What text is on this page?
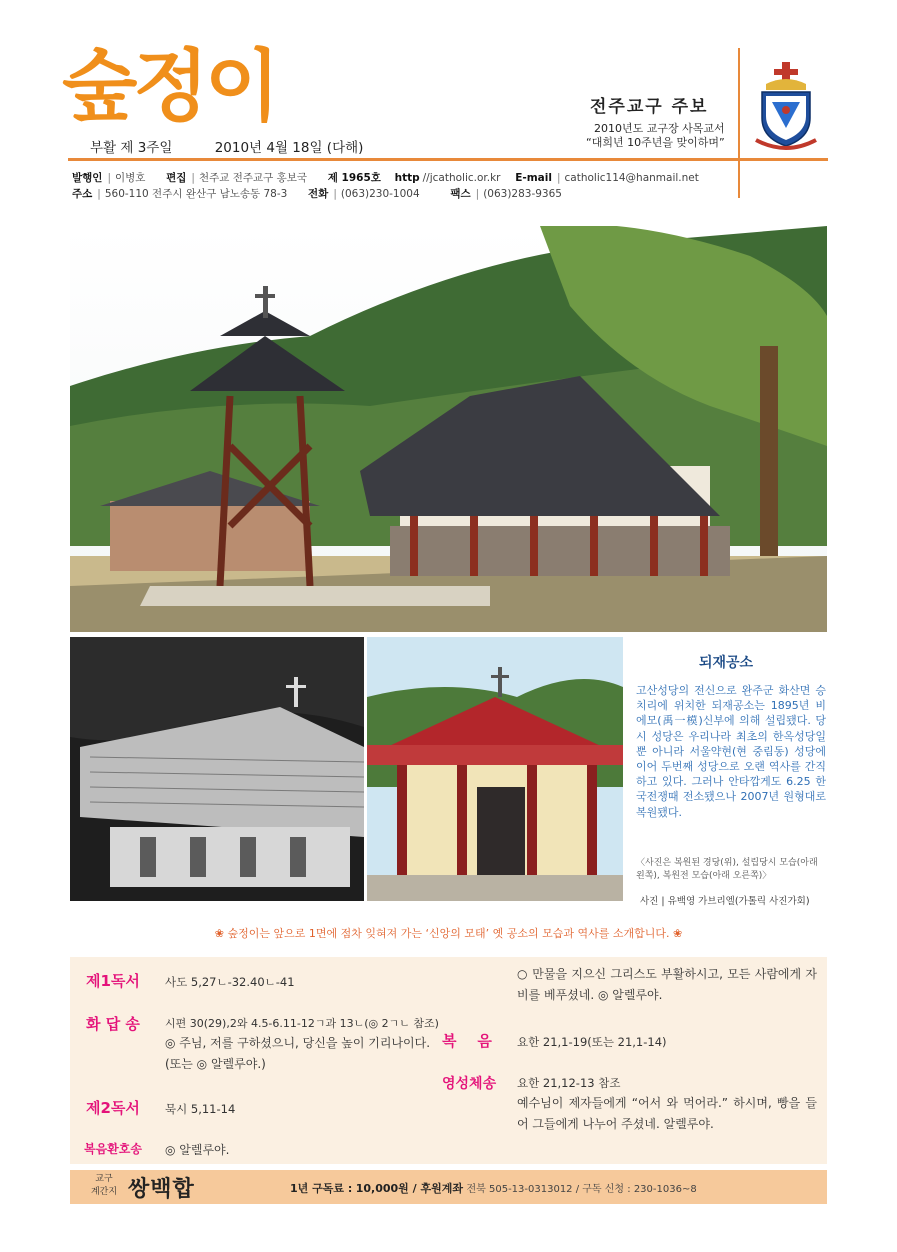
숲정이
부활 제 3주일	2010년 4월 18일 (다해)
전주교구 주보
2010년도 교구장 사목교서
“대희년 10주년을 맞이하며”
발행인 | 이병호 편집 | 천주교 전주교구 홍보국 제 1965호 http //jcatholic.or.kr E-mail | catholic114@hanmail.net
주소 | 560-110 전주시 완산구 남노송동 78-3 전화 | (063)230-1004	팩스 | (063)283-9365
되재공소
고산성당의 전신으로 완주군 화산면 승치리에 위치한 되재공소는 1895년 비에모(禹一模)신부에 의해 설립됐다. 당시 성당은 우리나라 최초의 한옥성당일 뿐 아니라 서울약현(현 중림동) 성당에 이어 두번째 성당으로 오랜 역사를 간직하고 있다. 그러나 안타깝게도 6.25 한국전쟁때 전소됐으나 2007년 원형대로 복원됐다.
〈사진은 복원된 경당(위), 설립당시 모습(아래 왼쪽), 복원전 모습(아래 오른쪽)〉
사진 | 유백영 가브리엘(가톨릭 사진가회)
❀ 숲정이는 앞으로 1면에 점차 잊혀져 가는 ‘신앙의 모태’ 옛 공소의 모습과 역사를 소개합니다. ❀
제1독서 사도 5,27ㄴ-32.40ㄴ-41
화 답 송 시편 30(29),2와 4.5-6.11-12ㄱ과 13ㄴ(◎ 2ㄱㄴ 참조)
◎ 주님, 저를 구하셨으니, 당신을 높이 기리나이다.(또는 ◎ 알렐루야.)
제2독서 묵시 5,11-14
복음환호송 ◎ 알렐루야.
○ 만물을 지으신 그리스도 부활하시고, 모든 사람에게 자비를 베푸셨네. ◎ 알렐루야.
복    음 요한 21,1-19(또는 21,1-14)
영성체송 요한 21,12-13 참조
예수님이 제자들에게 “어서 와 먹어라.” 하시며, 빵을 들어 그들에게 나누어 주셨네. 알렐루야.
교구
계간지 쌍백합	1년 구독료 : 10,000원 / 후원계좌 전북 505-13-0313012 / 구독 신청 : 230-1036~8
